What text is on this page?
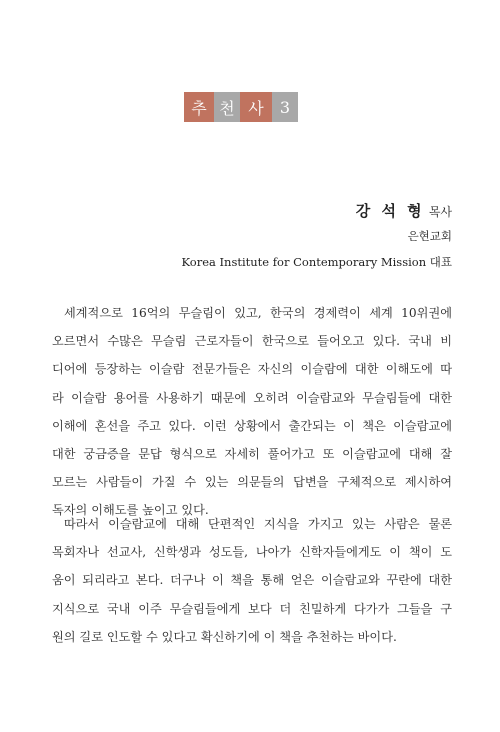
추 천 사	3
강 석 형 목사
은현교회
Korea Institute for Contemporary Mission 대표
세계적으로 16억의 무슬림이 있고, 한국의 경제력이 세계 10위권에
오르면서 수많은 무슬림 근로자들이 한국으로 들어오고 있다. 국내 비
디어에 등장하는 이슬람 전문가들은 자신의 이슬람에 대한 이해도에 따
라 이슬람 용어를 사용하기 때문에 오히려 이슬람교와 무슬림들에 대한
이해에 혼선을 주고 있다. 이런 상황에서 출간되는 이 책은 이슬람교에
대한 궁금증을 문답 형식으로 자세히 풀어가고 또 이슬람교에 대해 잘
모르는 사람들이 가질 수 있는 의문들의 답변을 구체적으로 제시하여
독자의 이해도를 높이고 있다.
따라서 이슬람교에 대해 단편적인 지식을 가지고 있는 사람은 물론
목회자나 선교사, 신학생과 성도들, 나아가 신학자들에게도 이 책이 도
움이 되리라고 본다. 더구나 이 책을 통해 얻은 이슬람교와 꾸란에 대한
지식으로 국내 이주 무슬림들에게 보다 더 친밀하게 다가가 그들을 구
원의 길로 인도할 수 있다고 확신하기에 이 책을 추천하는 바이다.
